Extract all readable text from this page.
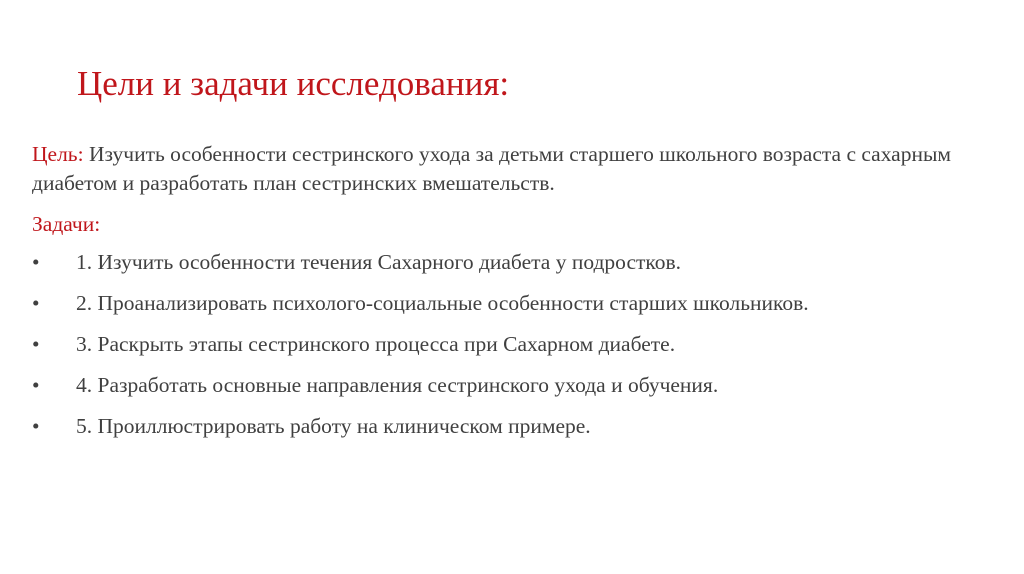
Цели и задачи исследования:

Цель: Изучить особенности сестринского ухода за детьми старшего школьного возраста с сахарным диабетом и разработать план сестринских вмешательств.

Задачи:
•	1. Изучить особенности течения Сахарного диабета у подростков.
•	2. Проанализировать психолого-социальные особенности старших школьников.
•	3. Раскрыть этапы сестринского процесса при Сахарном диабете.
•	4. Разработать основные направления сестринского ухода и обучения.
•	5. Проиллюстрировать работу на клиническом примере.
